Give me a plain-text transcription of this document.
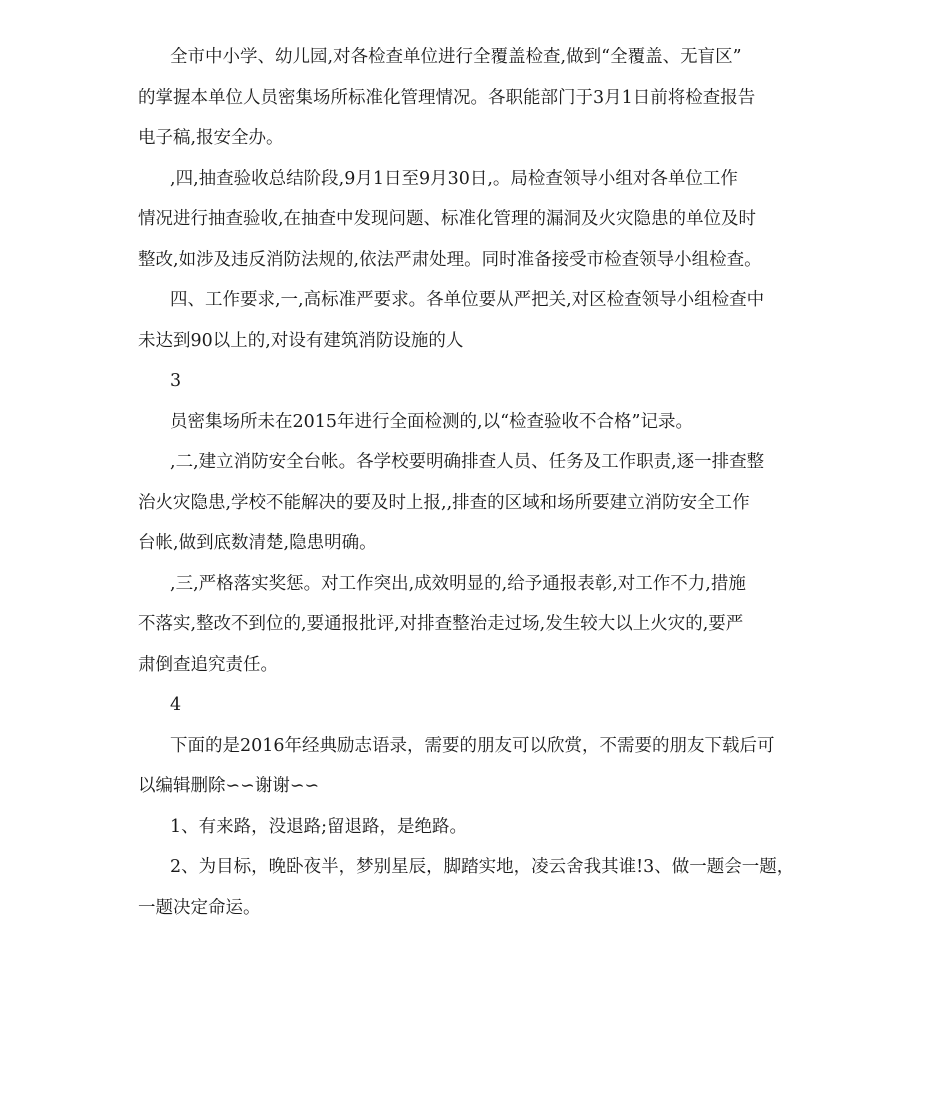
全市中小学、幼儿园,对各检查单位进行全覆盖检查,做到“全覆盖、无盲区”
的掌握本单位人员密集场所标准化管理情况。各职能部门于3月1日前将检查报告
电子稿,报安全办。
,四,抽查验收总结阶段,9月1日至9月30日,。局检查领导小组对各单位工作
情况进行抽查验收,在抽查中发现问题、标准化管理的漏洞及火灾隐患的单位及时
整改,如涉及违反消防法规的,依法严肃处理。同时准备接受市检查领导小组检查。
四、工作要求,一,高标准严要求。各单位要从严把关,对区检查领导小组检查中
未达到90以上的,对设有建筑消防设施的人
3
员密集场所未在2015年进行全面检测的,以“检查验收不合格”记录。
,二,建立消防安全台帐。各学校要明确排查人员、任务及工作职责,逐一排查整
治火灾隐患,学校不能解决的要及时上报,,排查的区域和场所要建立消防安全工作
台帐,做到底数清楚,隐患明确。
,三,严格落实奖惩。对工作突出,成效明显的,给予通报表彰,对工作不力,措施
不落实,整改不到位的,要通报批评,对排查整治走过场,发生较大以上火灾的,要严
肃倒查追究责任。
4
下面的是2016年经典励志语录，需要的朋友可以欣赏，不需要的朋友下载后可
以编辑删除∽∽谢谢∽∽
1、有来路，没退路;留退路，是绝路。
2、为目标，晚卧夜半，梦别星辰，脚踏实地，凌云舍我其谁!3、做一题会一题，
一题决定命运。
